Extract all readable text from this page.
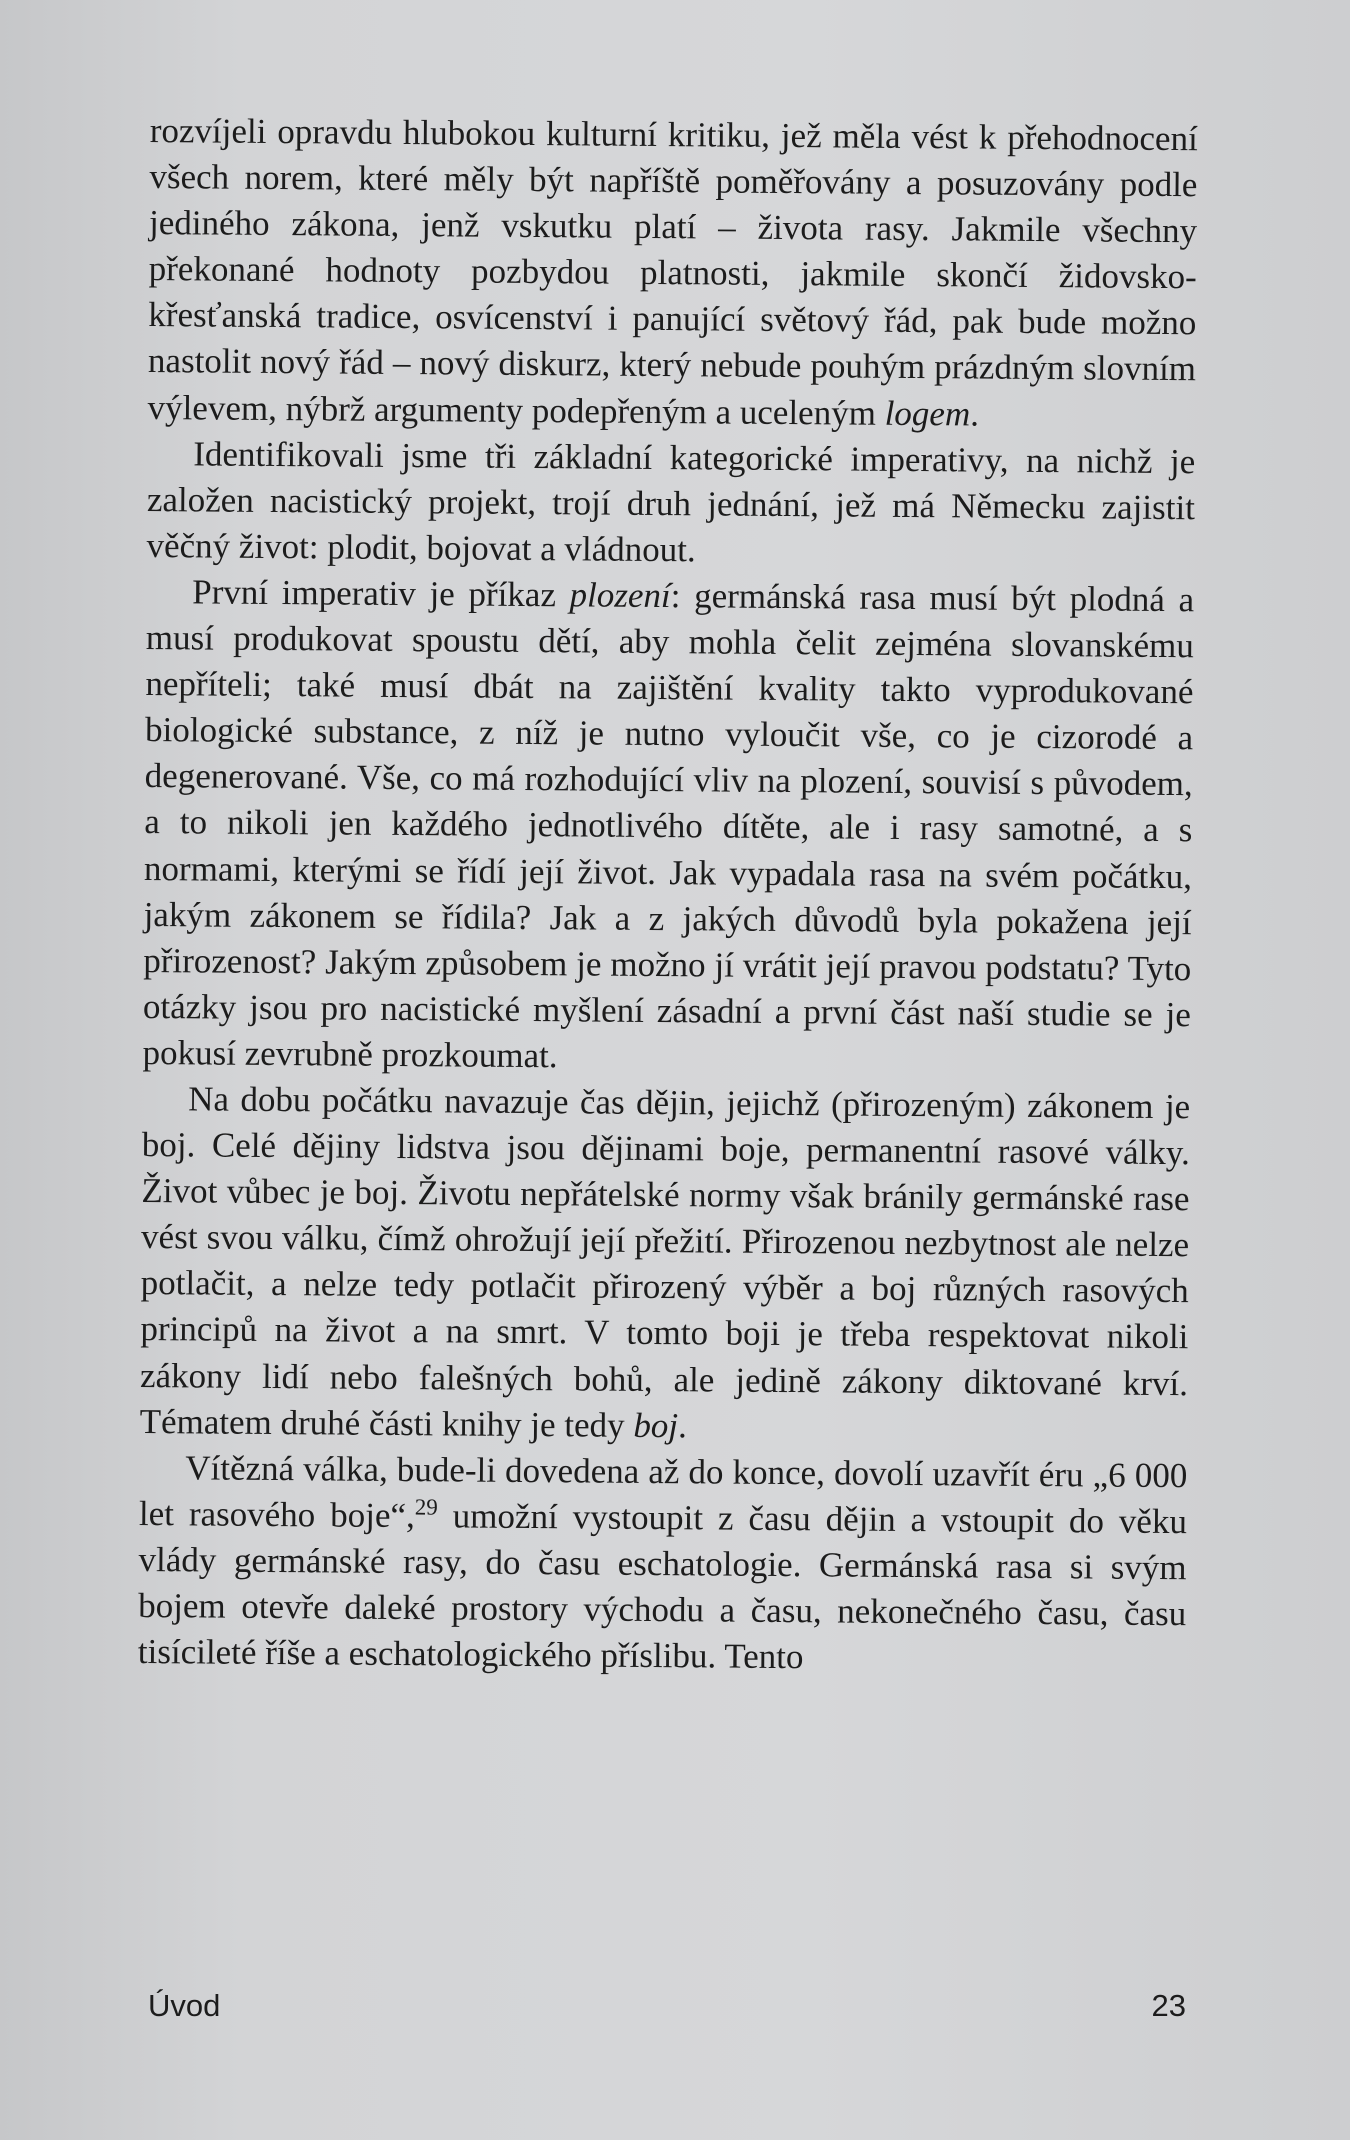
rozvíjeli opravdu hlubokou kulturní kritiku, jež měla vést k přehodnocení všech norem, které měly být napříště poměřovány a posuzovány podle jediného zákona, jenž vskutku platí – života rasy. Jakmile všechny překonané hodnoty pozbydou platnosti, jakmile skončí židovsko-křesťanská tradice, osvícenství i panující světový řád, pak bude možno nastolit nový řád – nový diskurz, který nebude pouhým prázdným slovním výlevem, nýbrž argumenty podepřeným a uceleným logem.

Identifikovali jsme tři základní kategorické imperativy, na nichž je založen nacistický projekt, trojí druh jednání, jež má Německu zajistit věčný život: plodit, bojovat a vládnout.

První imperativ je příkaz plození: germánská rasa musí být plodná a musí produkovat spoustu dětí, aby mohla čelit zejména slovanskému nepříteli; také musí dbát na zajištění kvality takto vyprodukované biologické substance, z níž je nutno vyloučit vše, co je cizorodé a degenerované. Vše, co má rozhodující vliv na plození, souvisí s původem, a to nikoli jen každého jednotlivého dítěte, ale i rasy samotné, a s normami, kterými se řídí její život. Jak vypadala rasa na svém počátku, jakým zákonem se řídila? Jak a z jakých důvodů byla pokažena její přirozenost? Jakým způsobem je možno jí vrátit její pravou podstatu? Tyto otázky jsou pro nacistické myšlení zásadní a první část naší studie se je pokusí zevrubně prozkoumat.

Na dobu počátku navazuje čas dějin, jejichž (přirozeným) zákonem je boj. Celé dějiny lidstva jsou dějinami boje, permanentní rasové války. Život vůbec je boj. Životu nepřátelské normy však bránily germánské rase vést svou válku, čímž ohrožují její přežití. Přirozenou nezbytnost ale nelze potlačit, a nelze tedy potlačit přirozený výběr a boj různých rasových principů na život a na smrt. V tomto boji je třeba respektovat nikoli zákony lidí nebo falešných bohů, ale jedině zákony diktované krví. Tématem druhé části knihy je tedy boj.

Vítězná válka, bude-li dovedena až do konce, dovolí uzavřít éru „6 000 let rasového boje“,$^{29}$ umožní vystoupit z času dějin a vstoupit do věku vlády germánské rasy, do času eschatologie. Germánská rasa si svým bojem otevře daleké prostory východu a času, nekonečného času, času tisícileté říše a eschatologického příslibu. Tento

Úvod	23
